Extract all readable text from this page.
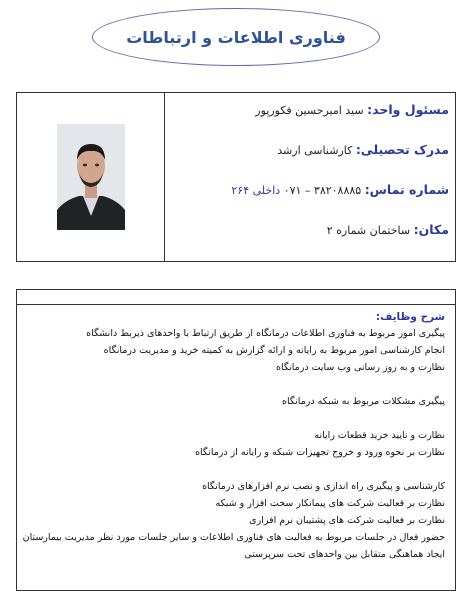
فناوری اطلاعات و ارتباطات
مسئول واحد: سید امیرحسین فکورپور
مدرک تحصیلی: کارشناسی ارشد
شماره تماس: ۳۸۲۰۸۸۸۵ – ۰۷۱ داخلی ۲۶۴
مکان: ساختمان شماره ۲
شرح وظایف:
پیگیری امور مربوط به فناوری اطلاعات درمانگاه از طریق ارتباط با واحدهای ذیربط دانشگاه
انجام کارشناسی امور مربوط به رایانه و ارائه گزارش به کمیته خرید و مدیریت درمانگاه
نظارت و به روز رسانی وب سایت درمانگاه
پیگیری مشکلات مربوط به شبکه درمانگاه
نظارت و تایید خرید قطعات رایانه
نظارت بر نحوه ورود و خروج تجهیزات شبکه و رایانه از درمانگاه
کارشناسی و پیگیری راه اندازی و نصب نرم افزارهای درمانگاه
نظارت بر قعالیت شرکت های پیمانکار سخت افزار و شبکه
نظارت بر فعالیت شرکت های پشتیبان نرم افزاری
حضور فعال در جلسات مربوط به فعالیت های فناوری اطلاعات و سایر جلسات مورد نظر مدیریت بیمارستان
ایجاد هماهنگی متقابل بین واحدهای تحت سرپرستی
